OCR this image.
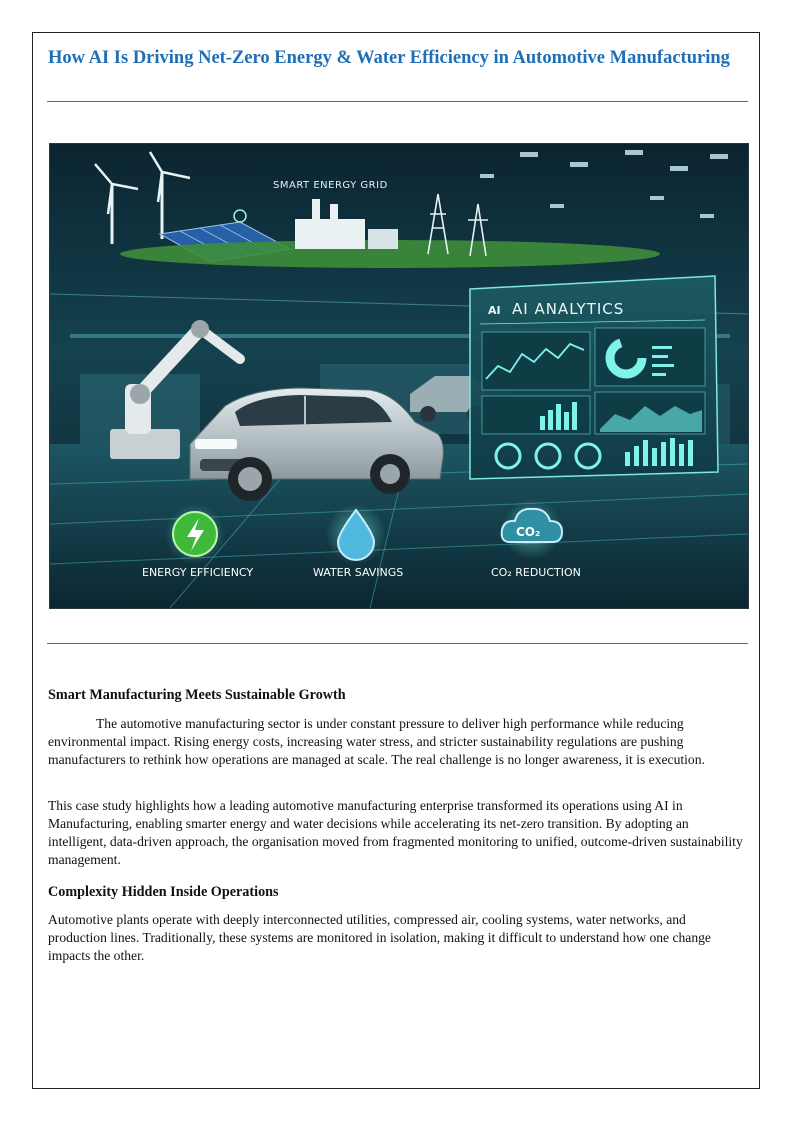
How AI Is Driving Net-Zero Energy & Water Efficiency in Automotive Manufacturing
SMART ENERGY GRID
AI AI ANALYTICS
ENERGY EFFICIENCY	WATER SAVINGS
CO₂
CO₂ REDUCTION
Smart Manufacturing Meets Sustainable Growth

The automotive manufacturing sector is under constant pressure to deliver high performance while reducing environmental impact. Rising energy costs, increasing water stress, and stricter sustainability regulations are pushing manufacturers to rethink how operations are managed at scale. The real challenge is no longer awareness, it is execution.

This case study highlights how a leading automotive manufacturing enterprise transformed its operations using AI in Manufacturing, enabling smarter energy and water decisions while accelerating its net-zero transition. By adopting an intelligent, data-driven approach, the organisation moved from fragmented monitoring to unified, outcome-driven sustainability management.

Complexity Hidden Inside Operations

Automotive plants operate with deeply interconnected utilities, compressed air, cooling systems, water networks, and production lines. Traditionally, these systems are monitored in isolation, making it difficult to understand how one change impacts the other.
